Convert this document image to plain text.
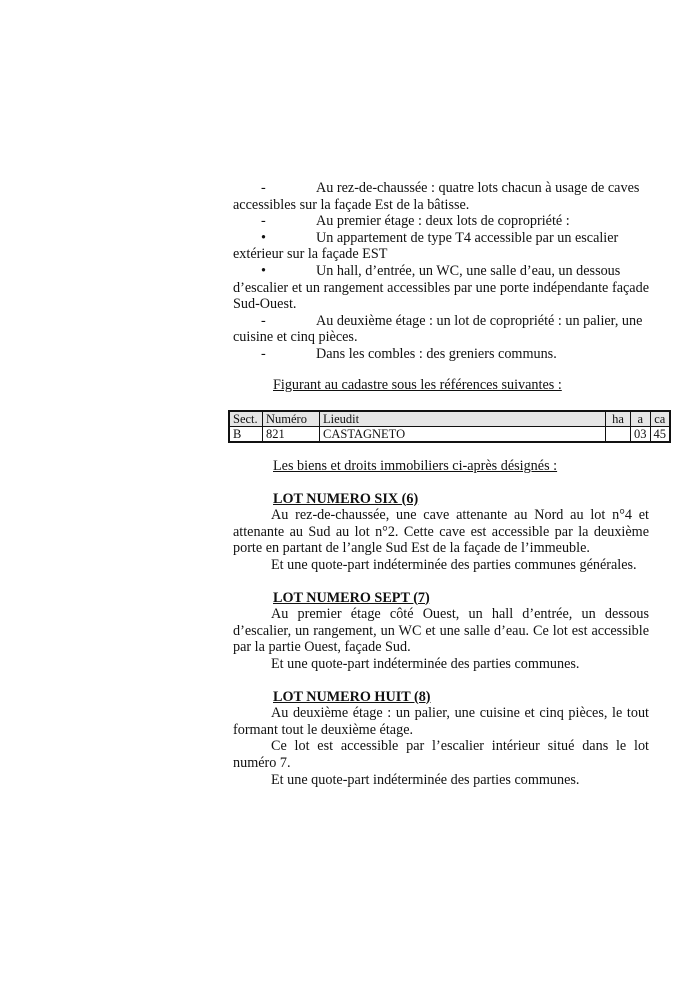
-	Au rez-de-chaussée : quatre lots chacun à usage de caves

accessibles sur la façade Est de la bâtisse.

-	Au premier étage : deux lots de copropriété :

•	Un appartement de type T4 accessible par un escalier

extérieur sur la façade EST

•	Un hall, d’entrée, un WC, une salle d’eau, un dessous

d’escalier et un rangement accessibles par une porte indépendante façade Sud-Ouest.

-	Au deuxième étage : un lot de copropriété : un palier, une

cuisine et cinq pièces.

-	Dans les combles : des greniers communs.

Figurant au cadastre sous les références suivantes :

Sect.	Numéro	Lieudit	ha	a	ca
B	821	CASTAGNETO		03	45

Les biens et droits immobiliers ci-après désignés :

LOT NUMERO SIX (6)

Au rez-de-chaussée, une cave attenante au Nord au lot n°4 et attenante au Sud au lot n°2. Cette cave est accessible par la deuxième porte en partant de l’angle Sud Est de la façade de l’immeuble.

Et une quote-part indéterminée des parties communes générales.

LOT NUMERO SEPT (7)

Au premier étage côté Ouest, un hall d’entrée, un dessous d’escalier, un rangement, un WC et une salle d’eau. Ce lot est accessible par la partie Ouest, façade Sud.

Et une quote-part indéterminée des parties communes.

LOT NUMERO HUIT (8)

Au deuxième étage : un palier, une cuisine et cinq pièces, le tout formant tout le deuxième étage.

Ce lot est accessible par l’escalier intérieur situé dans le lot numéro 7.

Et une quote-part indéterminée des parties communes.
